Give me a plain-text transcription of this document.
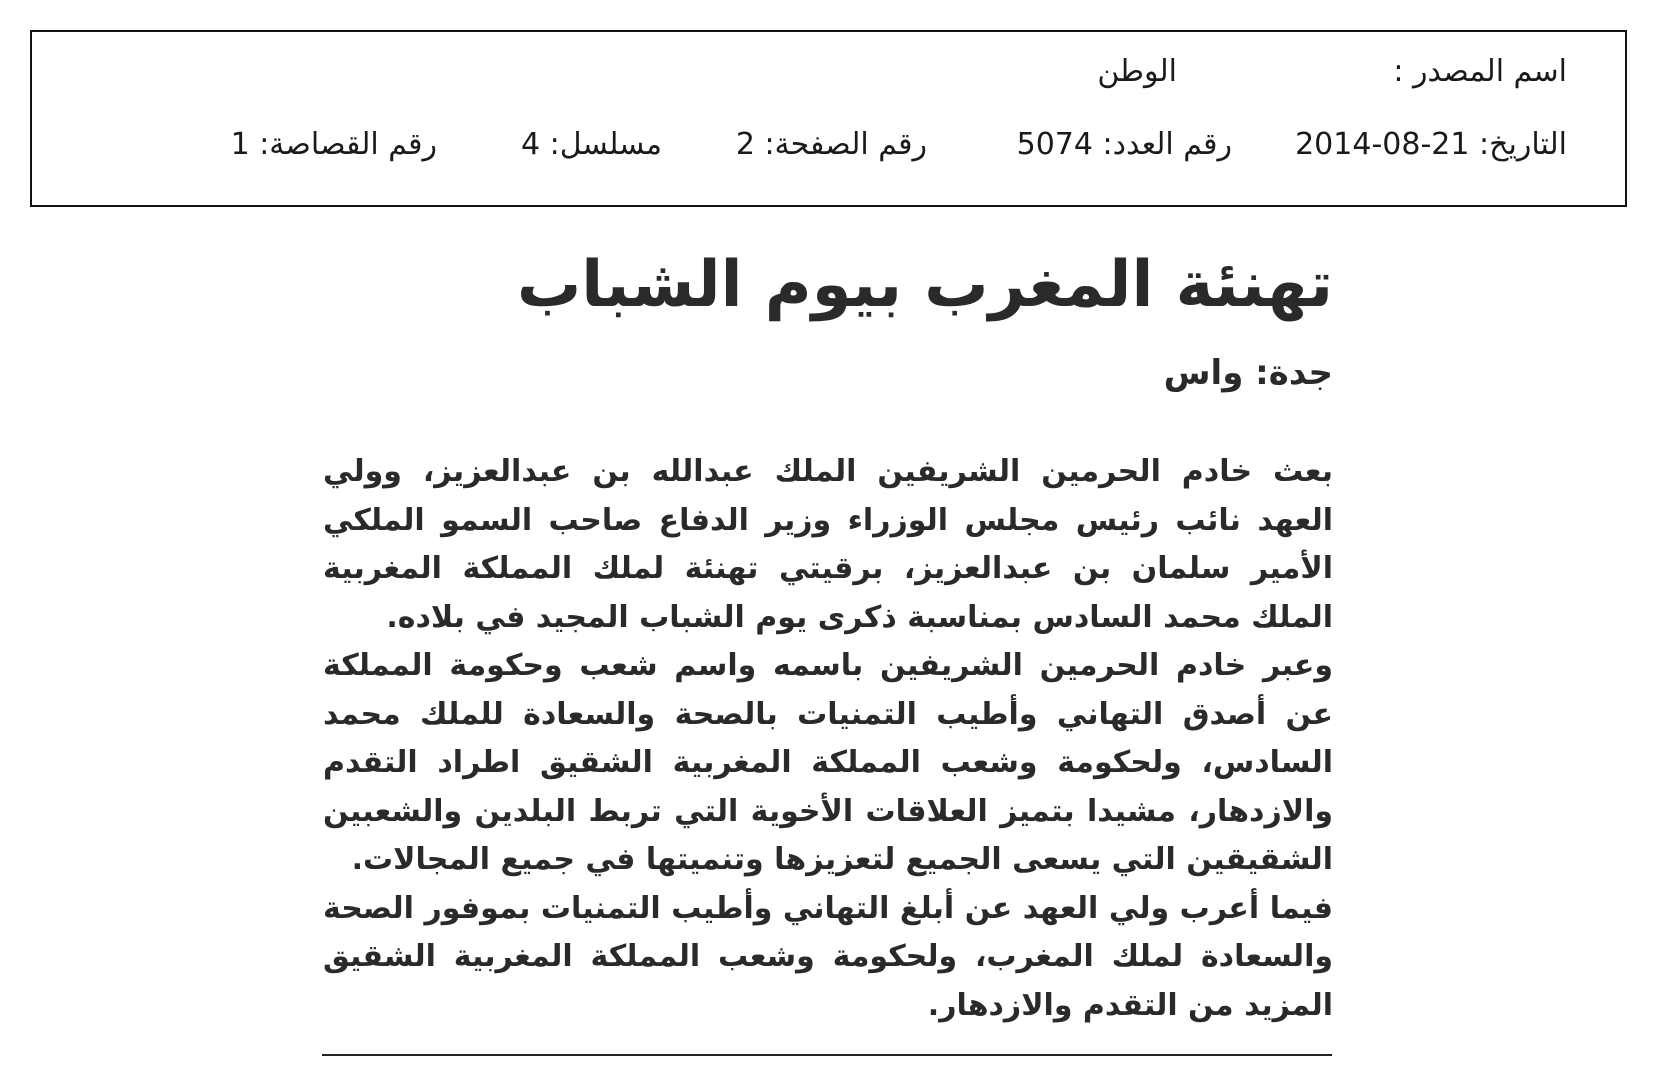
اسم المصدر :
الوطن
التاريخ: 21-08-2014
رقم العدد: 5074
رقم الصفحة: 2
مسلسل: 4
رقم القصاصة: 1
تهنئة المغرب بيوم الشباب
جدة: واس

بعث خادم الحرمين الشريفين الملك عبدالله بن عبدالعزيز، وولي العهد نائب رئيس مجلس الوزراء وزير الدفاع صاحب السمو الملكي الأمير سلمان بن عبدالعزيز، برقيتي تهنئة لملك المملكة المغربية الملك محمد السادس بمناسبة ذكرى يوم الشباب المجيد في بلاده.

وعبر خادم الحرمين الشريفين باسمه واسم شعب وحكومة المملكة عن أصدق التهاني وأطيب التمنيات بالصحة والسعادة للملك محمد السادس، ولحكومة وشعب المملكة المغربية الشقيق اطراد التقدم والازدهار، مشيدا بتميز العلاقات الأخوية التي تربط البلدين والشعبين الشقيقين التي يسعى الجميع لتعزيزها وتنميتها في جميع المجالات.

فيما أعرب ولي العهد عن أبلغ التهاني وأطيب التمنيات بموفور الصحة والسعادة لملك المغرب، ولحكومة وشعب المملكة المغربية الشقيق المزيد من التقدم والازدهار.
